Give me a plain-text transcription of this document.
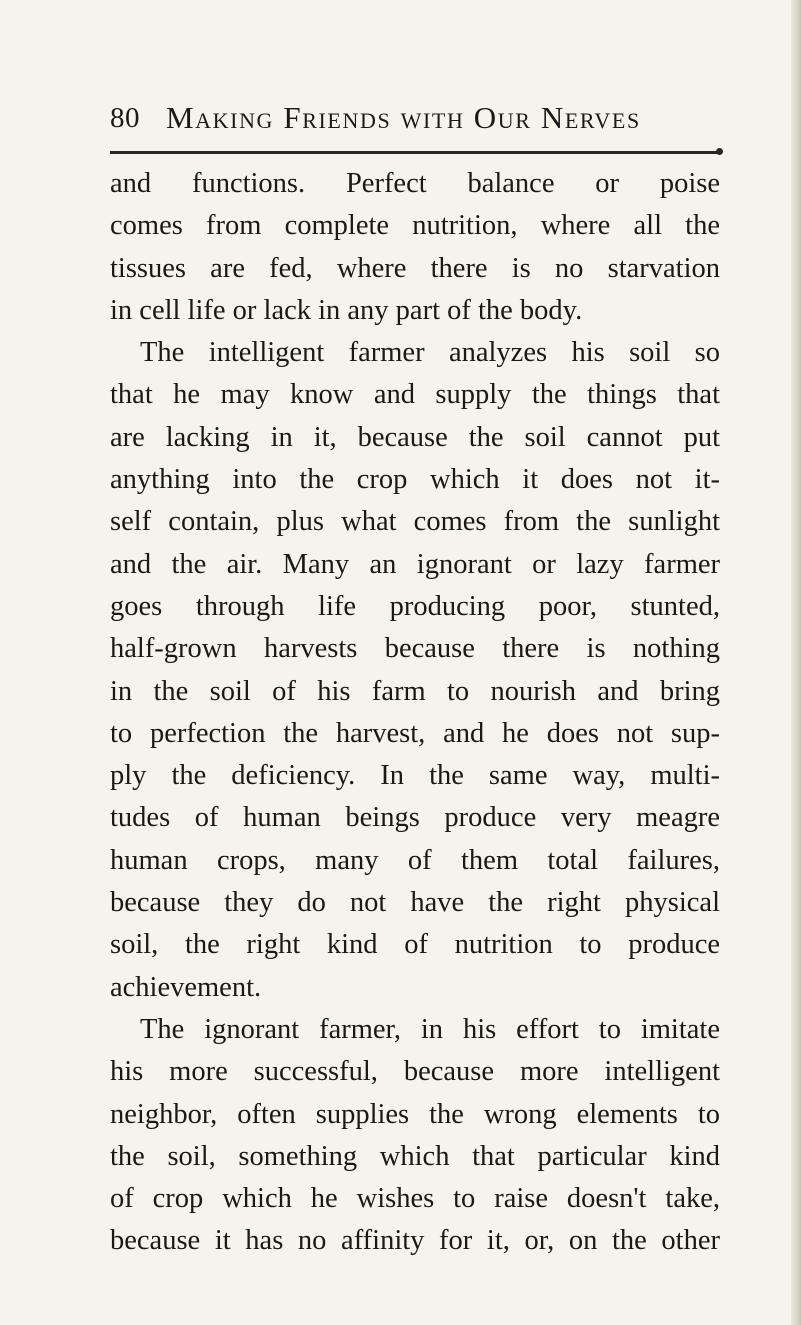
80 Making Friends with Our Nerves
and functions. Perfect balance or poise
comes from complete nutrition, where all the
tissues are fed, where there is no starvation
in cell life or lack in any part of the body.
The intelligent farmer analyzes his soil so
that he may know and supply the things that
are lacking in it, because the soil cannot put
anything into the crop which it does not it-
self contain, plus what comes from the sunlight
and the air. Many an ignorant or lazy farmer
goes through life producing poor, stunted,
half-grown harvests because there is nothing
in the soil of his farm to nourish and bring
to perfection the harvest, and he does not sup-
ply the deficiency. In the same way, multi-
tudes of human beings produce very meagre
human crops, many of them total failures,
because they do not have the right physical
soil, the right kind of nutrition to produce
achievement.
The ignorant farmer, in his effort to imitate
his more successful, because more intelligent
neighbor, often supplies the wrong elements to
the soil, something which that particular kind
of crop which he wishes to raise doesn't take,
because it has no affinity for it, or, on the other
